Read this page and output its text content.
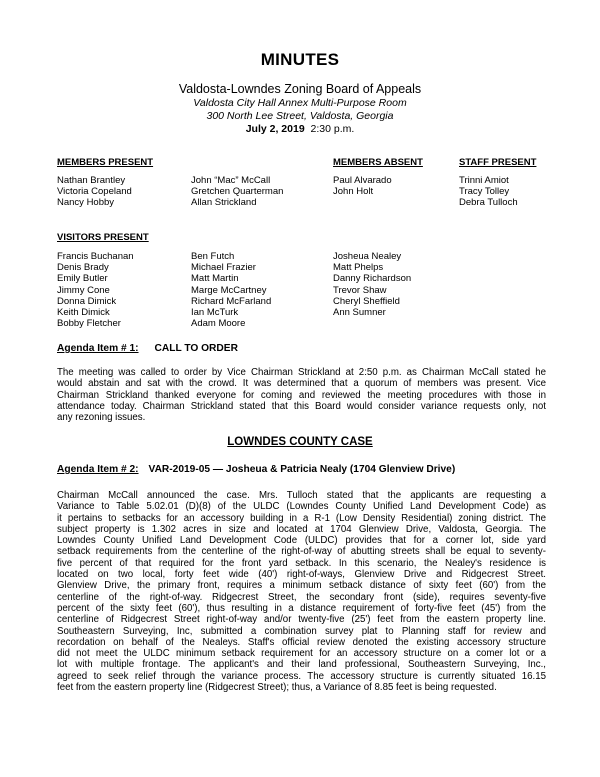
MINUTES
Valdosta-Lowndes Zoning Board of Appeals
Valdosta City Hall Annex Multi-Purpose Room
300 North Lee Street, Valdosta, Georgia
July 2, 2019 2:30 p.m.
MEMBERS PRESENT
Nathan Brantley
Victoria Copeland
Nancy Hobby
John “Mac” McCall
Gretchen Quarterman
Allan Strickland
MEMBERS ABSENT
Paul Alvarado
John Holt
STAFF PRESENT
Trinni Amiot
Tracy Tolley
Debra Tulloch
VISITORS PRESENT
Francis Buchanan
Denis Brady
Emily Butler
Jimmy Cone
Donna Dimick
Keith Dimick
Bobby Fletcher
Ben Futch
Michael Frazier
Matt Martin
Marge McCartney
Richard McFarland
Ian McTurk
Adam Moore
Josheua Nealey
Matt Phelps
Danny Richardson
Trevor Shaw
Cheryl Sheffield
Ann Sumner
Agenda Item # 1: CALL TO ORDER
The meeting was called to order by Vice Chairman Strickland at 2:50 p.m. as Chairman McCall stated he
would abstain and sat with the crowd. It was determined that a quorum of members was present. Vice
Chairman Strickland thanked everyone for coming and reviewed the meeting procedures with those in
attendance today. Chairman Strickland stated that this Board would consider variance requests only, not
any rezoning issues.
LOWNDES COUNTY CASE
Agenda Item # 2: VAR-2019-05 — Josheua & Patricia Nealy (1704 Glenview Drive)
Chairman McCall announced the case. Mrs. Tulloch stated that the applicants are requesting a
Variance to Table 5.02.01 (D)(8) of the ULDC (Lowndes County Unified Land Development Code) as
it pertains to setbacks for an accessory building in a R-1 (Low Density Residential) zoning district. The
subject property is 1.302 acres in size and located at 1704 Glenview Drive, Valdosta, Georgia. The
Lowndes County Unified Land Development Code (ULDC) provides that for a corner lot, side yard
setback requirements from the centerline of the right-of-way of abutting streets shall be equal to seventy-
five percent of that required for the front yard setback. In this scenario, the Nealey's residence is
located on two local, forty feet wide (40') right-of-ways, Glenview Drive and Ridgecrest Street.
Glenview Drive, the primary front, requires a minimum setback distance of sixty feet (60') from the
centerline of the right-of-way. Ridgecrest Street, the secondary front (side), requires seventy-five
percent of the sixty feet (60'), thus resulting in a distance requirement of forty-five feet (45') from the
centerline of Ridgecrest Street right-of-way and/or twenty-five (25') feet from the eastern property line.
Southeastern Surveying, Inc, submitted a combination survey plat to Planning staff for review and
recordation on behalf of the Nealeys. Staff's official review denoted the existing accessory structure
did not meet the ULDC minimum setback requirement for an accessory structure on a comer lot or a
lot with multiple frontage. The applicant's and their land professional, Southeastern Surveying, Inc.,
agreed to seek relief through the variance process. The accessory structure is currently situated 16.15
feet from the eastern property line (Ridgecrest Street); thus, a Variance of 8.85 feet is being requested.
